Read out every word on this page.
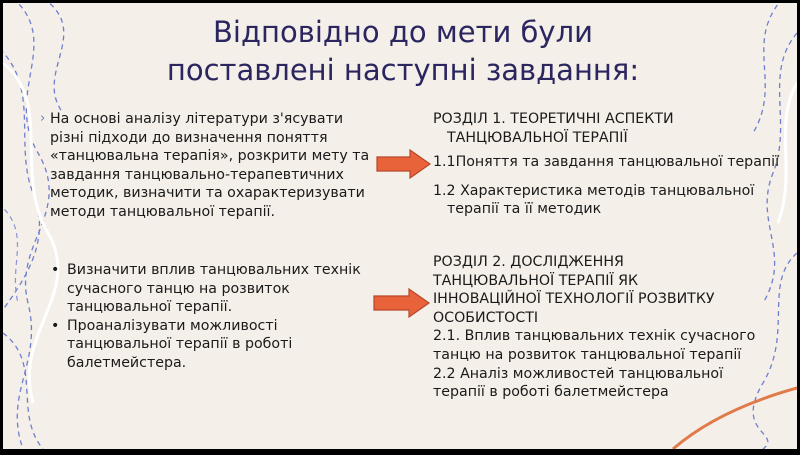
Відповідно до мети були
поставлені наступні завдання:
› На основі аналізу літератури з'ясувати різні підходи до визначення поняття «танцювальна терапія», розкрити мету та завдання танцювально-терапевтичних методик, визначити та охарактеризувати методи танцювальної терапії.
• Визначити вплив танцювальних технік сучасного танцю на розвиток танцювальної терапії.
• Проаналізувати можливості танцювальної терапії в роботі балетмейстера.
РОЗДІЛ 1. ТЕОРЕТИЧНІ АСПЕКТИ
ТАНЦЮВАЛЬНОЇ ТЕРАПІЇ
1.1Поняття та завдання танцювальної терапії
1.2 Характеристика методів танцювальної
терапії та її методик
РОЗДІЛ 2. ДОСЛІДЖЕННЯ
ТАНЦЮВАЛЬНОЇ ТЕРАПІЇ ЯК
ІННОВАЦІЙНОЇ ТЕХНОЛОГІЇ РОЗВИТКУ
ОСОБИСТОСТІ
2.1. Вплив танцювальних технік сучасного
танцю на розвиток танцювальної терапії
2.2 Аналіз можливостей танцювальної
терапії в роботі балетмейстера
